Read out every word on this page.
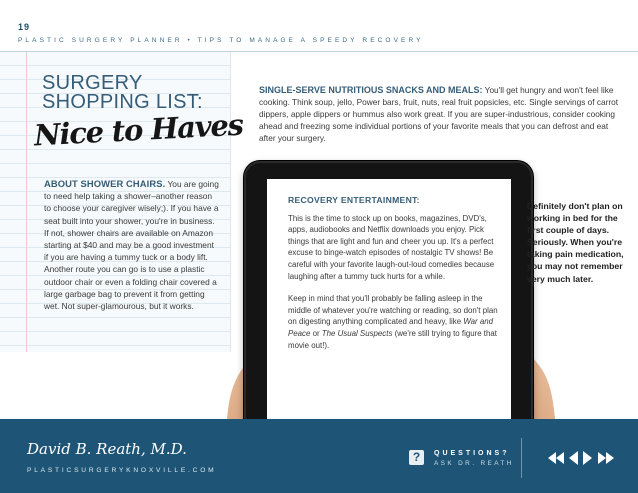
19
PLASTIC SURGERY PLANNER • TIPS TO MANAGE A SPEEDY RECOVERY
SURGERY
SHOPPING LIST:
Nice to Haves
ABOUT SHOWER CHAIRS. You are going to need help taking a shower–another reason to choose your caregiver wisely;). If you have a seat built into your shower, you're in business. If not, shower chairs are available on Amazon starting at $40 and may be a good investment if you are having a tummy tuck or a body lift. Another route you can go is to use a plastic outdoor chair or even a folding chair covered a large garbage bag to prevent it from getting wet. Not super-glamourous, but it works.
SINGLE-SERVE NUTRITIOUS SNACKS AND MEALS: You'll get hungry and won't feel like cooking. Think soup, jello, Power bars, fruit, nuts, real fruit popsicles, etc. Single servings of carrot dippers, apple dippers or hummus also work great. If you are super-industrious, consider cooking ahead and freezing some individual portions of your favorite meals that you can defrost and eat after your surgery.
RECOVERY ENTERTAINMENT:

This is the time to stock up on books, magazines, DVD's, apps, audiobooks and Netflix downloads you enjoy. Pick things that are light and fun and cheer you up. It's a perfect excuse to binge-watch episodes of nostalgic TV shows! Be careful with your favorite laugh-out-loud comedies because laughing after a tummy tuck hurts for a while.

Keep in mind that you'll probably be falling asleep in the middle of whatever you're watching or reading, so don't plan on digesting anything complicated and heavy, like War and Peace or The Usual Suspects (we're still trying to figure that movie out!).

Definitely don't plan on working in bed for the first couple of days. Seriously. When you're taking pain medication, you may not remember very much later.
David B. Reath, M.D.
PLASTICSURGERYKNOXVILLE.COM
?	QUESTIONS?
ASK DR. REATH
